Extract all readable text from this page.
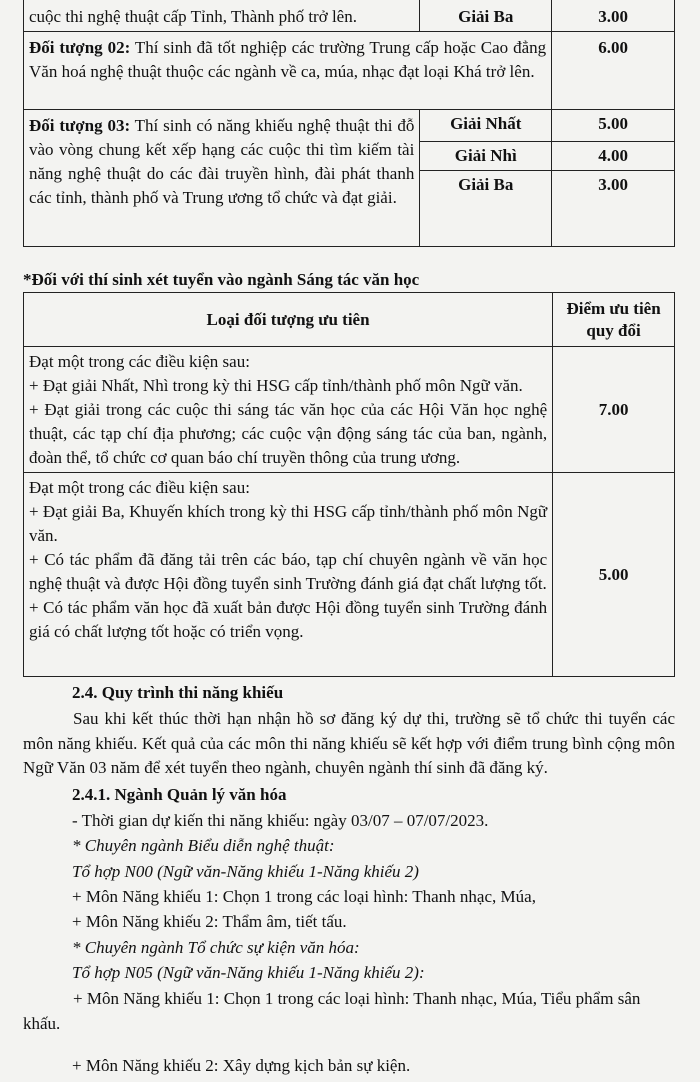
cuộc thi nghệ thuật cấp Tỉnh, Thành phố trở lên.	Giải Ba	3.00
Đối tượng 02: Thí sinh đã tốt nghiệp các trường Trung cấp hoặc Cao đẳng Văn hoá nghệ thuật thuộc các ngành về ca, múa, nhạc đạt loại Khá trở lên.		6.00
Đối tượng 03: Thí sinh có năng khiếu nghệ thuật thi đỗ vào vòng chung kết xếp hạng các cuộc thi tìm kiếm tài năng nghệ thuật do các đài truyền hình, đài phát thanh các tỉnh, thành phố và Trung ương tổ chức và đạt giải.	Giải Nhất	5.00
	Giải Nhì	4.00
	Giải Ba	3.00
*Đối với thí sinh xét tuyển vào ngành Sáng tác văn học
Loại đối tượng ưu tiên	Điểm ưu tiên quy đổi

Đạt một trong các điều kiện sau:
+ Đạt giải Nhất, Nhì trong kỳ thi HSG cấp tỉnh/thành phố môn Ngữ văn.
+ Đạt giải trong các cuộc thi sáng tác văn học của các Hội Văn học nghệ thuật, các tạp chí địa phương; các cuộc vận động sáng tác của ban, ngành, đoàn thể, tổ chức cơ quan báo chí truyền thông của trung ương.	7.00

Đạt một trong các điều kiện sau:
+ Đạt giải Ba, Khuyến khích trong kỳ thi HSG cấp tỉnh/thành phố môn Ngữ văn.
+ Có tác phẩm đã đăng tải trên các báo, tạp chí chuyên ngành về văn học nghệ thuật và được Hội đồng tuyển sinh Trường đánh giá đạt chất lượng tốt.
+ Có tác phẩm văn học đã xuất bản được Hội đồng tuyển sinh Trường đánh giá có chất lượng tốt hoặc có triển vọng.	5.00
2.4. Quy trình thi năng khiếu
Sau khi kết thúc thời hạn nhận hồ sơ đăng ký dự thi, trường sẽ tổ chức thi tuyển các môn năng khiếu. Kết quả của các môn thi năng khiếu sẽ kết hợp với điểm trung bình cộng môn Ngữ Văn 03 năm để xét tuyển theo ngành, chuyên ngành thí sinh đã đăng ký.
2.4.1. Ngành Quản lý văn hóa
- Thời gian dự kiến thi năng khiếu: ngày 03/07 – 07/07/2023.
* Chuyên ngành Biểu diễn nghệ thuật:
Tổ hợp N00 (Ngữ văn-Năng khiếu 1-Năng khiếu 2)
+ Môn Năng khiếu 1: Chọn 1 trong các loại hình: Thanh nhạc, Múa,
+ Môn Năng khiếu 2: Thẩm âm, tiết tấu.
* Chuyên ngành Tổ chức sự kiện văn hóa:
Tổ hợp N05 (Ngữ văn-Năng khiếu 1-Năng khiếu 2):
+ Môn Năng khiếu 1: Chọn 1 trong các loại hình: Thanh nhạc, Múa, Tiểu phẩm sân khấu.
+ Môn Năng khiếu 2: Xây dựng kịch bản sự kiện.
